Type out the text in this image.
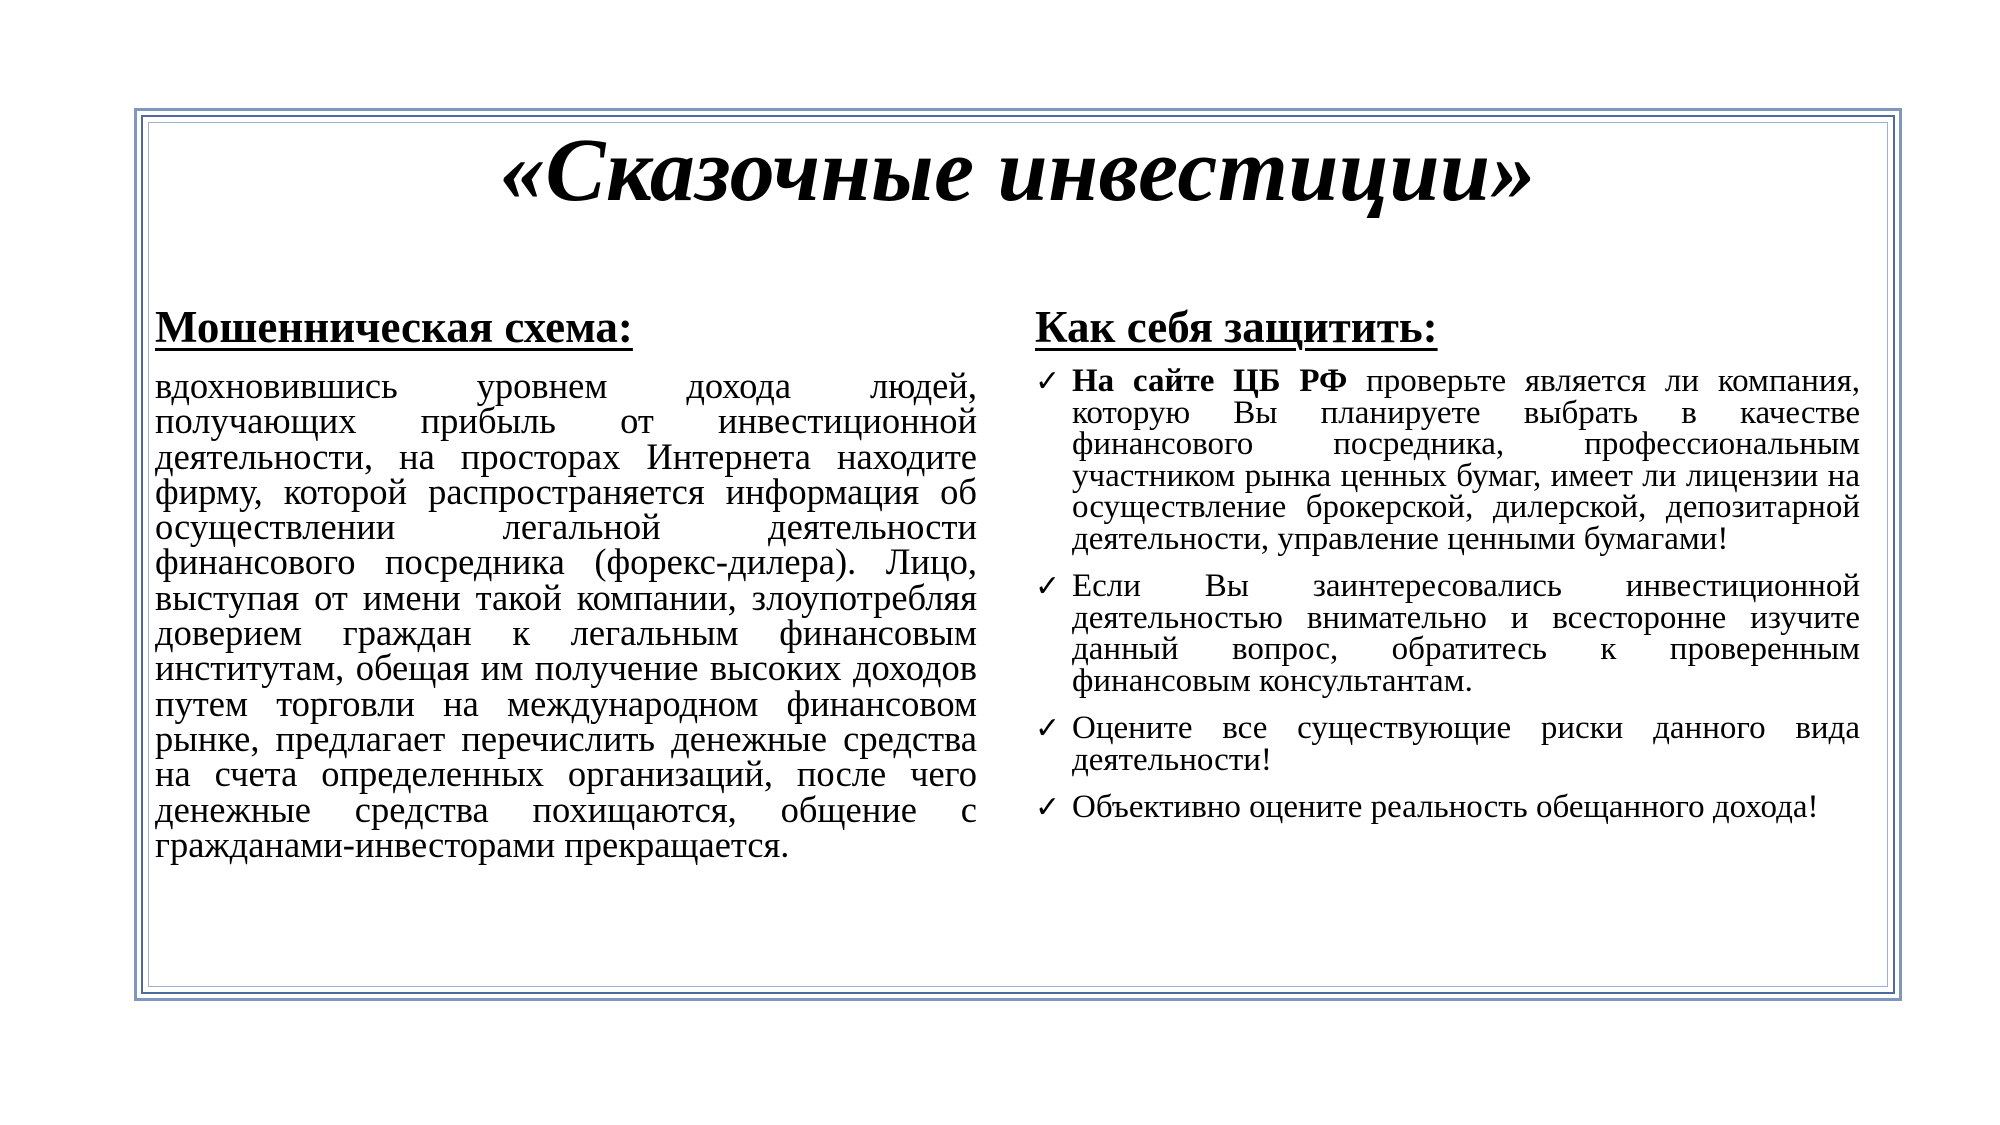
«Сказочные инвестиции»
Мошенническая схема:

вдохновившись уровнем дохода людей, получающих прибыль от инвестиционной деятельности, на просторах Интернета находите фирму, которой распространяется информация об осуществлении легальной деятельности финансового посредника (форекс-дилера). Лицо, выступая от имени такой компании, злоупотребляя доверием граждан к легальным финансовым институтам, обещая им получение высоких доходов путем торговли на международном финансовом рынке, предлагает перечислить денежные средства на счета определенных организаций, после чего денежные средства похищаются, общение с гражданами-инвесторами прекращается.

Как себя защитить:
✓ На сайте ЦБ РФ проверьте является ли компания, которую Вы планируете выбрать в качестве финансового посредника, профессиональным участником рынка ценных бумаг, имеет ли лицензии на осуществление брокерской, дилерской, депозитарной деятельности, управление ценными бумагами!
✓ Если Вы заинтересовались инвестиционной деятельностью внимательно и всесторонне изучите данный вопрос, обратитесь к проверенным финансовым консультантам.
✓ Оцените все существующие риски данного вида деятельности!
✓ Объективно оцените реальность обещанного дохода!
